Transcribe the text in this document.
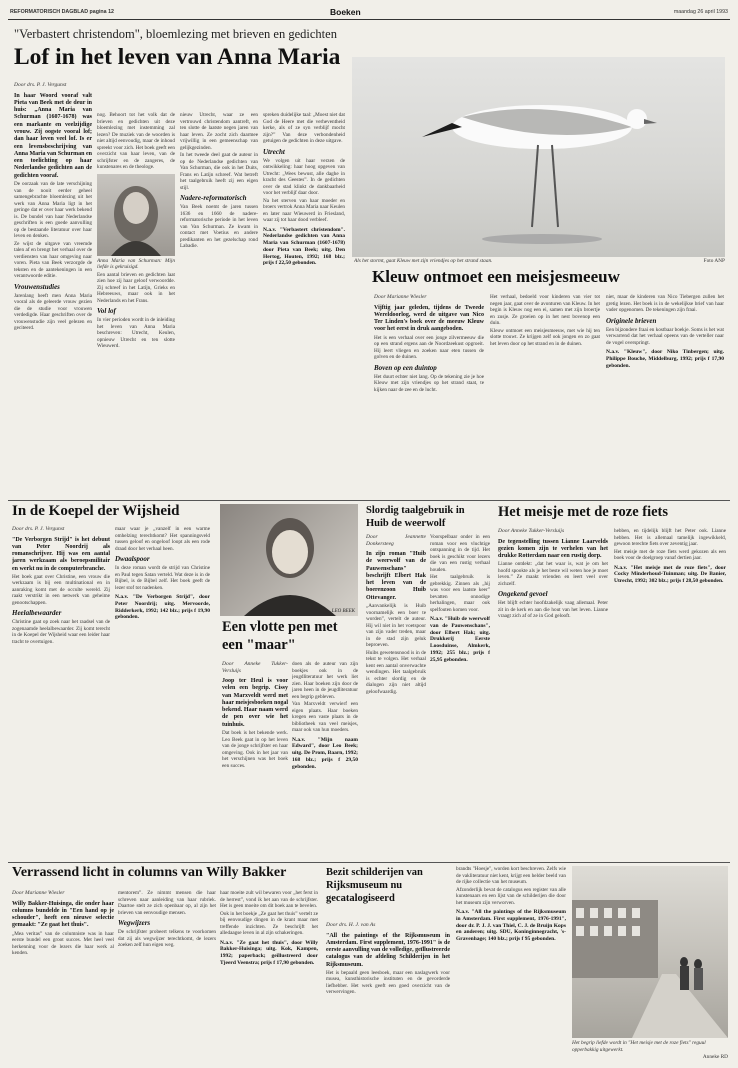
REFORMATORISCH DAGBLAD pagina 12	Boeken	maandag 26 april 1993
"Verbastert christendom", bloemlezing met brieven en gedichten
Lof in het leven van Anna Maria
Door drs. P. J. Vergunst

In haar Woord vooraf valt Pieta van Beek met de deur in huis: „Anna Maria van Schurman (1607-1678) was een markante en veelzijdige vrouw. Zij oogste vooral lof; dan haar leven veel lof. Is er een levensbeschrijving van Anna Maria van Schurman en een toelichting op haar Nederlandse gedichten aan de gedichten vooraf.

De oorzaak van de late verschijning van de nooit eerder geheel samengebrachte bloemlezing uit het werk van Anna Maria ligt in het geringe dat er over haar werk bekend is. De bundel van haar Nederlandse geschriften is een goede aanvulling op de bestaande literatuur over haar leven en denken.

Ze wijst de uitgave van vreemde talen af en brengt het verhaal over de verdiensten van haar omgeving naar voren. Pieta van Beek verzorgde de teksten en de aantekeningen in een verantwoorde editie.

Vrouwenstudies

Jarenlang heeft men Anna Maria vooral als de geleerde vrouw gezien die de studie voor vrouwen verdedigde. Haar geschriften over de vrouwenstudie zijn veel gelezen en geciteerd.

nog. Behoort tot het volk dat de brieven en gedichten uit deze bloemlezing met instemming zal lezen? De muziek van de woorden is niet altijd eenvoudig, maar de inhoud spreekt voor zich. Het boek geeft een overzicht van haar leven, van de schrijfster en de zangeres, de kunstenares en de theologe.

Anna Maria van Schurman: Mijn liefde is gekruisigd.

Een aantal brieven en gedichten laat zien hoe zij haar geloof verwoordde. Zij schreef in het Latijn, Grieks en Hebreeuws, maar ook in het Nederlands en het Frans.

Vol lof

In vier perioden wordt in de inleiding het leven van Anna Maria beschreven: Utrecht, Keulen, opnieuw Utrecht en ten slotte Wieuwerd.

nieuw Utrecht, waar ze een vertrouwd christendom aantreft, en ten slotte de laatste negen jaren van haar leven. Ze zocht zich daarmee vrijwillig in een gemeenschap van gelijkgezinden.

In het tweede deel gaat de auteur in op de Nederlandse gedichten van Van Schurman, die ook in het Duits, Frans en Latijn schreef. Wat betreft het taalgebruik heeft zij een eigen stijl.

Nadere-reformatorisch

Van Beek noemt de jaren tussen 1636 en 1660 de nadere-reformatorische periode in het leven van Van Schurman. Ze kwam in contact met Voetius en andere predikanten en het gezelschap rond Labadie.

spreken duidelijke taal: „Moest niet dat God de Heere met die verheventheid kerke, als of ze syn verblijf mocht zijn?” Van deze verbondenheid getuigen de gedichten in deze uitgave.

Utrecht

We volgen uit haar verzen de ontwikkeling: haar hoog opgeven van Utrecht: „Wees bewust, alle daghe in kracht des Geestes”. In de gedichten over de stad klinkt de dankbaarheid voor het verblijf daar door.

Na het sterven van haar moeder en broers vertrok Anna Maria naar Keulen en later naar Wieuwerd in Friesland, waar zij tot haar dood verbleef.

N.a.v. "Verbastert christendom". Nederlandse gedichten van Anna Maria van Schurman (1607-1678) door Pieta van Beek; uitg. Den Hertog, Houten, 1992; 168 blz.; prijs f 22,50 gebonden.	Als het stormt, gaat Kleuw met zijn vriendjes op het strand staan.	Foto ANP
Kleuw ontmoet een meisjesmeeuw
Door Marianne Wiesler

Vijftig jaar geleden, tijdens de Tweede Wereldoorlog, werd de uitgave van Nico Ter Linden's boek over de meeuw Kleuw voor het eerst in druk aangeboden.

Het is een verhaal over een jonge zilvermeeuw die op een strand ergens aan de Noordzeekust opgroeit. Hij leert vliegen en zoeken naar eten tussen de golven en de duinen.

Boven op een duintop

Het duurt echter niet lang. Op de tekening zie je hoe Kleuw met zijn vriendjes op het strand staat, te kijken naar de zee en de lucht.

Het verhaal, bedoeld voor kinderen van vier tot negen jaar, gaat over de avonturen van Kleuw. In het begin is Kleuw nog een ei, samen met zijn broertje en zusje. Ze groeien op in het nest bovenop een duin.

Kleuw ontmoet een meisjesmeeuw, met wie hij ten slotte trouwt. Ze krijgen zelf ook jongen en zo gaat het leven door op het strand en in de duinen.

niet, maar de kinderen van Nico Tiebergen zullen het gretig lezen. Het boek is in de wekelijkse brief van haar vader opgenomen. De tekeningen zijn fraai.

Originele brieven

Een bijzondere fraai en kostbaar boekje. Soms is het wat verwarrend dat het verhaal opeens van de verteller naar de vogel overspringt.

N.a.v. "Kleuw", door Niko Tinbergen; uitg. Philippe Bouche, Middelburg, 1992; prijs f 17,90 gebonden.

In de Koepel der Wijsheid
Door drs. P. J. Vergunst

"De Verborgen Strijd" is het debuut van Peter Noordrij als romanschrijver. Hij was een aantal jaren werkzaam als beroepsmilitair en werkt nu in de computerbranche.

Het boek gaat over Christine, een vrouw die werkzaam is bij een multinational en in aanraking komt met de occulte wereld. Zij raakt verstrikt in een netwerk van geheime genootschappen.

Heelalbewaarder

Christine gaat op zoek naar het raadsel van de zogenaamde heelalbewaarder. Zij komt terecht in de Koepel der Wijsheid waar een leider haar tracht te overtuigen.

maar waar je „vanzelf in een warme omhelzing terechtkomt? Het spanningsveld tussen geloof en ongeloof loopt als een rode draad door het verhaal heen.

Dwaalspoor

In deze roman wordt de strijd van Christine en Paul tegen Satan verteld. Wat deze is in de Bijbel, is de Bijbel zelf. Het boek geeft de lezer stof tot nadenken.

N.a.v. "De Verborgen Strijd", door Peter Noordrij; uitg. Mervoorde, Ridderkerk, 1992; 142 blz.; prijs f 19,90 gebonden.

LEO BEEK
Een vlotte pen met een "maar"
Door Anneke Tukker-Versluijs

Joop ter Heul is voor velen een begrip. Cissy van Marxveldt werd met haar meisjesboeken nogal bekend. Haar naam werd de pen over wie het tuinhuis.

Dat boek is het bekende werk. Leo Beek gaat in op het leven van de jonge schrijfster en haar omgeving. Ook in het jaar van het verschijnen was het boek een succes.

doen als de auteur van zijn boekjes ook in de jeugdliteratuur het werk liet zien. Haar boeken zijn door de jaren heen in de jeugdliteratuur een begrip gebleven.

Van Marxveldt verwierf een eigen plaats. Haar boeken kregen een vaste plaats in de bibliotheek van veel meisjes, maar ook van hun moeders.

N.a.v. "Mijn naam Edward", door Leo Beek; uitg. De Prom, Baarn, 1992; 168 blz.; prijs f 29,50 gebonden.

Slordig taalgebruik in Huib de weerwolf
Door Jeannette Donkersteeg

In zijn roman "Huib de weerwolf van de Pauwenschans" beschrijft Elbert Hak het leven van de boerenzoon Huib Ottevanger.

„Aanvankelijk is Huib voornamelijk een boer te worden”, vertelt de auteur. Hij wil niet in het voetspoor van zijn vader treden, maar in de stad zijn geluk beproeven.

Huibs gewetensnood is in de tekst te volgen. Het verhaal kent een aantal onverwachte wendingen. Het taalgebruik is echter slordig en de dialogen zijn niet altijd geloofwaardig.

Voorspelbaar onder in een roman voor een vluchtige ontspanning in de tijd. Het boek is geschikt voor lezers die van een rustig verhaal houden.

Het taalgebruik is gebrekkig. Zinnen als „hij was voor een laatste keer” bevatten onnodige herhalingen, maar ook spelfouten komen voor.

N.a.v. "Huib de weerwolf van de Pauwenschans", door Elbert Hak; uitg. Drukkerij Eerste Loosduinse, Almkerk, 1992; 255 blz.; prijs f 25,95 gebonden.

Het meisje met de roze fiets
Door Anneke Tukker-Versluijs

De tegenstelling tussen Lianne Laarvelds gezien komen zijn te verhelen van het drukke Rotterdam naar een rustig dorp.

Lianne ontdekt: „dat het waar is, wat je om het hoofd spookte als je het beste wil weten hoe je moet leven.” Ze maakt vrienden en leert veel over zichzelf.

Ongekend gevoel

Het blijft echter hoofdzakelijk vaag allemaal. Peter zit in de kerk en aan die hout van het leven. Lianne vraagt zich af of ze in God gelooft.

hebben, en tijdelijk blijft het Peter ook. Lianne hebben. Het is allemaal tamelijk ingewikkeld, gewoon terechte fiets over zeventig jaar.

Het meisje met de roze fiets werd gekozen als een boek voor de doelgroep vanaf dertien jaar.

N.a.v. "Het meisje met de roze fiets", door Cocky Minderhoud-Tuinman; uitg. De Banier, Utrecht, 1992; 302 blz.; prijs f 28,50 gebonden.

Verrassend licht in columns van Willy Bakker
Door Marianne Wiesler

Willy Bakker-Huisinga, die onder haar columns bundelde in "Een hand op je schouder", heeft een nieuwe selectie gemaakt: "Ze gaat het thuis".

„Mea veritas” van de columniste was in haar eerste bundel een groot succes. Met heel veel herkenning voor de lezers die haar werk al kenden.

mentorem”. Ze nimmt mensen die haar schreven naar aanleiding van haar rubriek. Daartoe stelt ze zich openbaar op, al zijn het brieven van eenvoudige mensen.

Wegwijzers

De schrijfster probeert telkens te voorkomen dat zij als wegwijzer terechtkomt, de lezers zoeken zelf hun eigen weg.

haar moeite zult wil bewaren voor „het ferst in de herrest”, vond ik het aan van de schrijfster. Het is geen moeite om dit boek aan te bevelen.

Ook in het boekje „Ze gaat het thuis” vertelt ze bij eenvoudige dingen in de krant maar met treffende inzichten. Ze beschrijft het alledaagse leven in al zijn schakeringen.

N.a.v. "Ze gaat het thuis", door Willy Bakker-Huisinga; uitg. Kok, Kampen, 1992; paperback; geïllustreerd door Tjeerd Veenstra; prijs f 17,90 gebonden.

Bezit schilderijen van Rijksmuseum nu gecatalogiseerd
Door drs. H. J. van As

"All the paintings of the Rijksmuseum in Amsterdam. First supplement, 1976-1991" is de eerste aanvulling van de volledige, geïllustreerde catalogus van de afdeling Schilderijen in het Rijksmuseum.

Het is bepaald geen leesboek, maar een naslagwerk voor musea, kunsthistorische instituten en de gevorderde liefhebber. Het werk geeft een goed overzicht van de verwervingen.

brandts "Hoesje", worden kort beschreven. Zelfs wie de vakliteratuur niet kent, krijgt een helder beeld van de rijke collectie van het museum.

Afzonderlijk bevat de catalogus een register van alle kunstenaars en een lijst van de schilderijen die door het museum zijn verworven.

N.a.v. "All the paintings of the Rijksmuseum in Amsterdam. First supplement, 1976-1991", door dr. P. J. J. van Thiel, C. J. de Bruijn Kops en anderen; uitg. SDU, Koninginnegracht, 's-Gravenhage; 140 blz.; prijs f 95 gebonden.

Het begrip liefde wordt in "Het meisje met de roze fiets" reguul opperbakkig uitgewerkt.
Anneke RD
